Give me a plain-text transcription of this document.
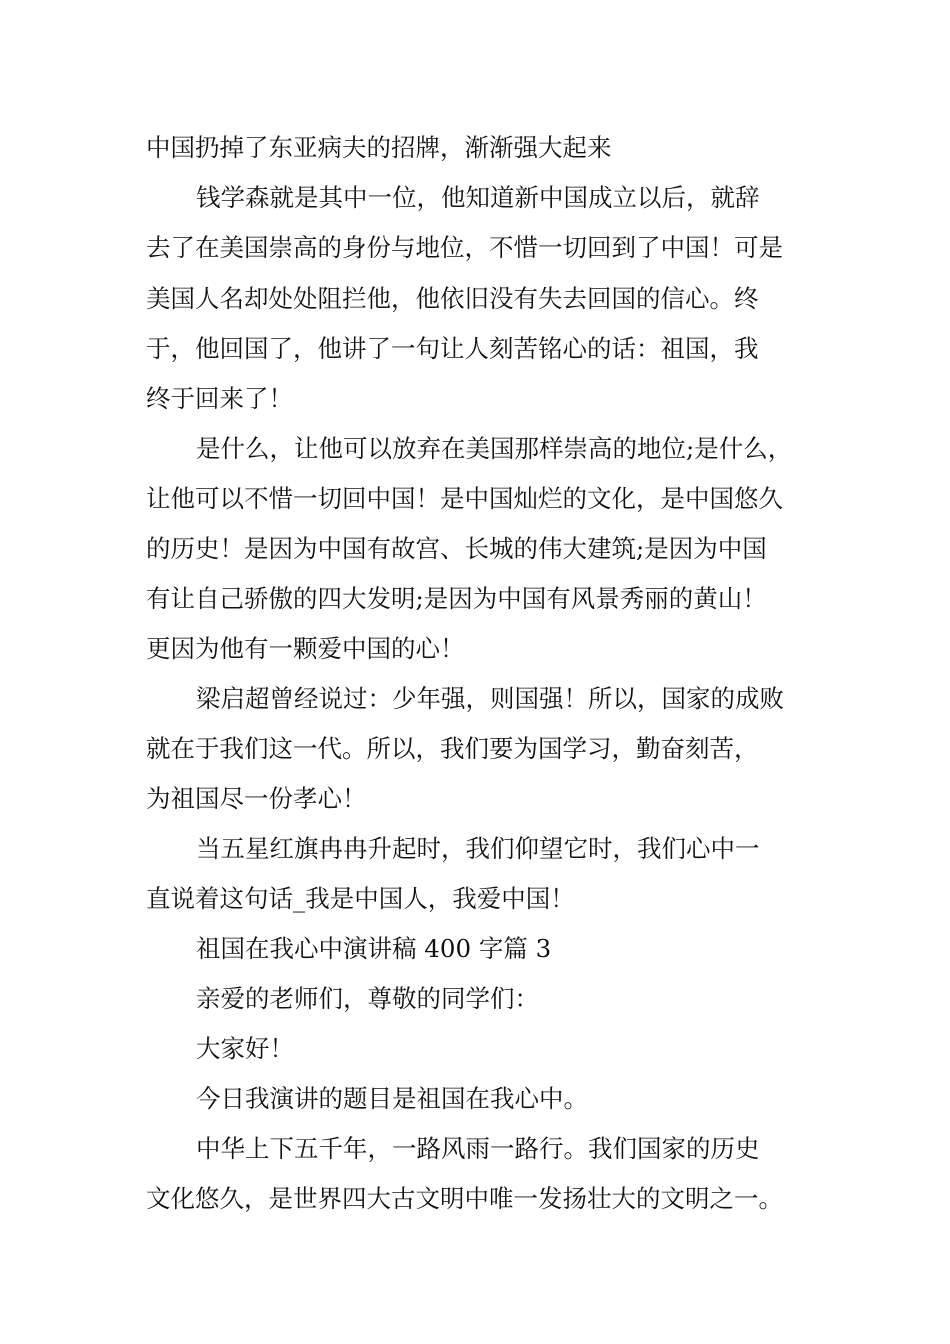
中国扔掉了东亚病夫的招牌，渐渐强大起来
钱学森就是其中一位，他知道新中国成立以后，就辞
去了在美国崇高的身份与地位，不惜一切回到了中国！可是
美国人名却处处阻拦他，他依旧没有失去回国的信心。终
于，他回国了，他讲了一句让人刻苦铭心的话：祖国，我
终于回来了！
是什么，让他可以放弃在美国那样崇高的地位;是什么，
让他可以不惜一切回中国！是中国灿烂的文化，是中国悠久
的历史！是因为中国有故宫、长城的伟大建筑;是因为中国
有让自己骄傲的四大发明;是因为中国有风景秀丽的黄山！
更因为他有一颗爱中国的心！
梁启超曾经说过：少年强，则国强！所以，国家的成败
就在于我们这一代。所以，我们要为国学习，勤奋刻苦，
为祖国尽一份孝心！
当五星红旗冉冉升起时，我们仰望它时，我们心中一
直说着这句话_我是中国人，我爱中国！
祖国在我心中演讲稿 400 字篇 3
亲爱的老师们，尊敬的同学们：
大家好！
今日我演讲的题目是祖国在我心中。
中华上下五千年，一路风雨一路行。我们国家的历史
文化悠久，是世界四大古文明中唯一发扬壮大的文明之一。
